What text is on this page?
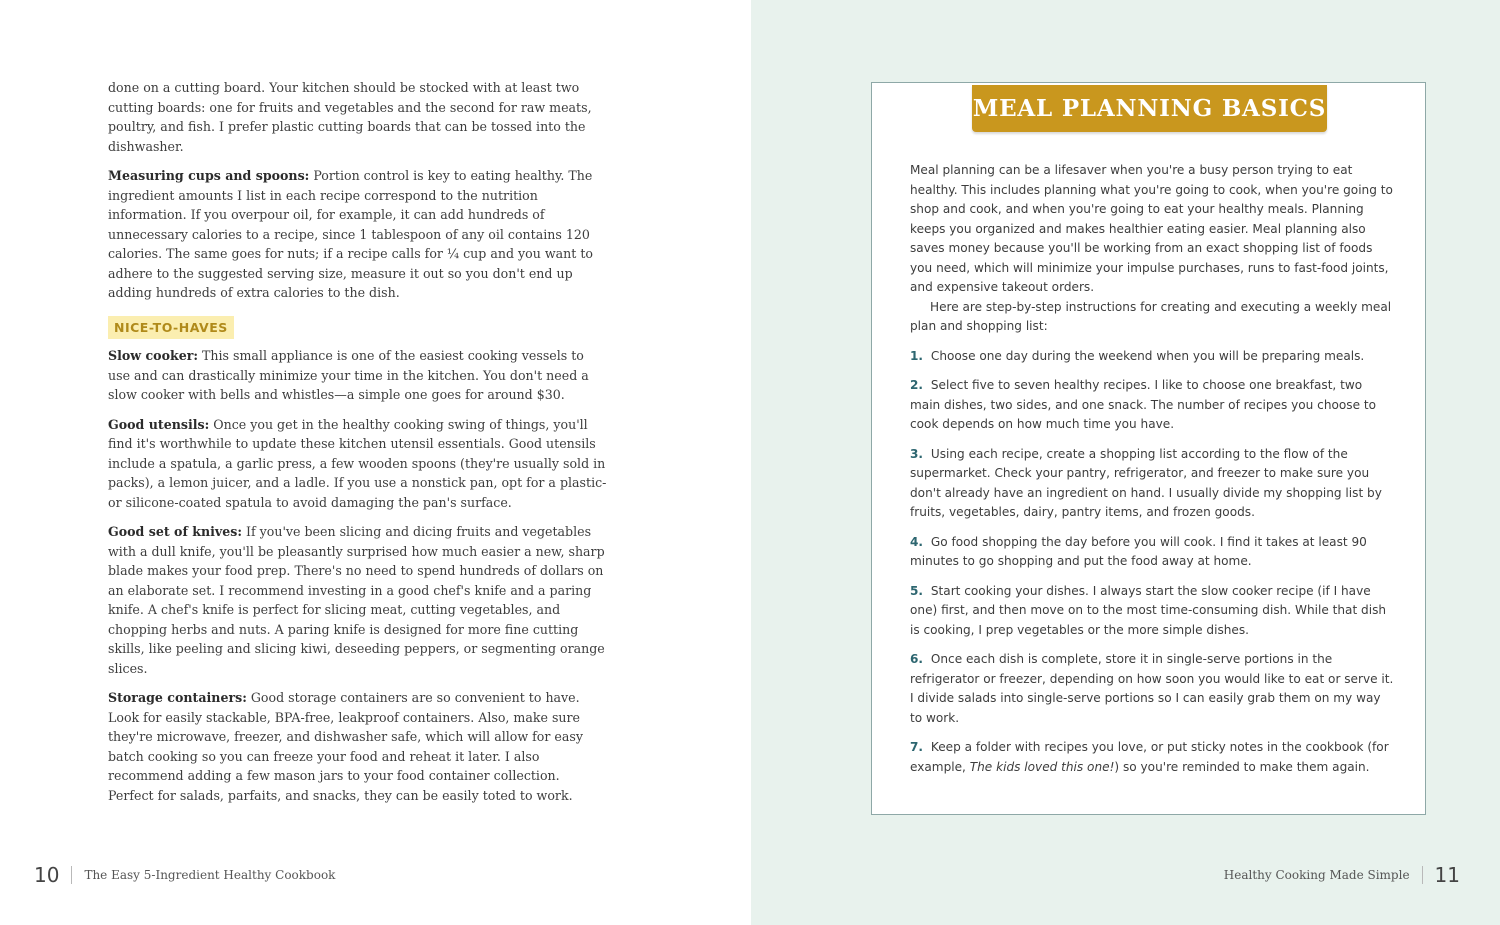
done on a cutting board. Your kitchen should be stocked with at least two cutting boards: one for fruits and vegetables and the second for raw meats, poultry, and fish. I prefer plastic cutting boards that can be tossed into the dishwasher.

Measuring cups and spoons: Portion control is key to eating healthy. The ingredient amounts I list in each recipe correspond to the nutrition information. If you overpour oil, for example, it can add hundreds of unnecessary calories to a recipe, since 1 tablespoon of any oil contains 120 calories. The same goes for nuts; if a recipe calls for ¼ cup and you want to adhere to the suggested serving size, measure it out so you don't end up adding hundreds of extra calories to the dish.

NICE-TO-HAVES

Slow cooker: This small appliance is one of the easiest cooking vessels to use and can drastically minimize your time in the kitchen. You don't need a slow cooker with bells and whistles—a simple one goes for around $30.

Good utensils: Once you get in the healthy cooking swing of things, you'll find it's worthwhile to update these kitchen utensil essentials. Good utensils include a spatula, a garlic press, a few wooden spoons (they're usually sold in packs), a lemon juicer, and a ladle. If you use a nonstick pan, opt for a plastic- or silicone-coated spatula to avoid damaging the pan's surface.

Good set of knives: If you've been slicing and dicing fruits and vegetables with a dull knife, you'll be pleasantly surprised how much easier a new, sharp blade makes your food prep. There's no need to spend hundreds of dollars on an elaborate set. I recommend investing in a good chef's knife and a paring knife. A chef's knife is perfect for slicing meat, cutting vegetables, and chopping herbs and nuts. A paring knife is designed for more fine cutting skills, like peeling and slicing kiwi, deseeding peppers, or segmenting orange slices.

Storage containers: Good storage containers are so convenient to have. Look for easily stackable, BPA-free, leakproof containers. Also, make sure they're microwave, freezer, and dishwasher safe, which will allow for easy batch cooking so you can freeze your food and reheat it later. I also recommend adding a few mason jars to your food container collection. Perfect for salads, parfaits, and snacks, they can be easily toted to work.

10 The Easy 5-Ingredient Healthy Cookbook
MEAL PLANNING BASICS

Meal planning can be a lifesaver when you're a busy person trying to eat healthy. This includes planning what you're going to cook, when you're going to shop and cook, and when you're going to eat your healthy meals. Planning keeps you organized and makes healthier eating easier. Meal planning also saves money because you'll be working from an exact shopping list of foods you need, which will minimize your impulse purchases, runs to fast-food joints, and expensive takeout orders.

Here are step-by-step instructions for creating and executing a weekly meal plan and shopping list:

1. Choose one day during the weekend when you will be preparing meals.
2. Select five to seven healthy recipes. I like to choose one breakfast, two main dishes, two sides, and one snack. The number of recipes you choose to cook depends on how much time you have.
3. Using each recipe, create a shopping list according to the flow of the supermarket. Check your pantry, refrigerator, and freezer to make sure you don't already have an ingredient on hand. I usually divide my shopping list by fruits, vegetables, dairy, pantry items, and frozen goods.
4. Go food shopping the day before you will cook. I find it takes at least 90 minutes to go shopping and put the food away at home.
5. Start cooking your dishes. I always start the slow cooker recipe (if I have one) first, and then move on to the most time-consuming dish. While that dish is cooking, I prep vegetables or the more simple dishes.
6. Once each dish is complete, store it in single-serve portions in the refrigerator or freezer, depending on how soon you would like to eat or serve it. I divide salads into single-serve portions so I can easily grab them on my way to work.
7. Keep a folder with recipes you love, or put sticky notes in the cookbook (for example, The kids loved this one!) so you're reminded to make them again.
Healthy Cooking Made Simple 11
